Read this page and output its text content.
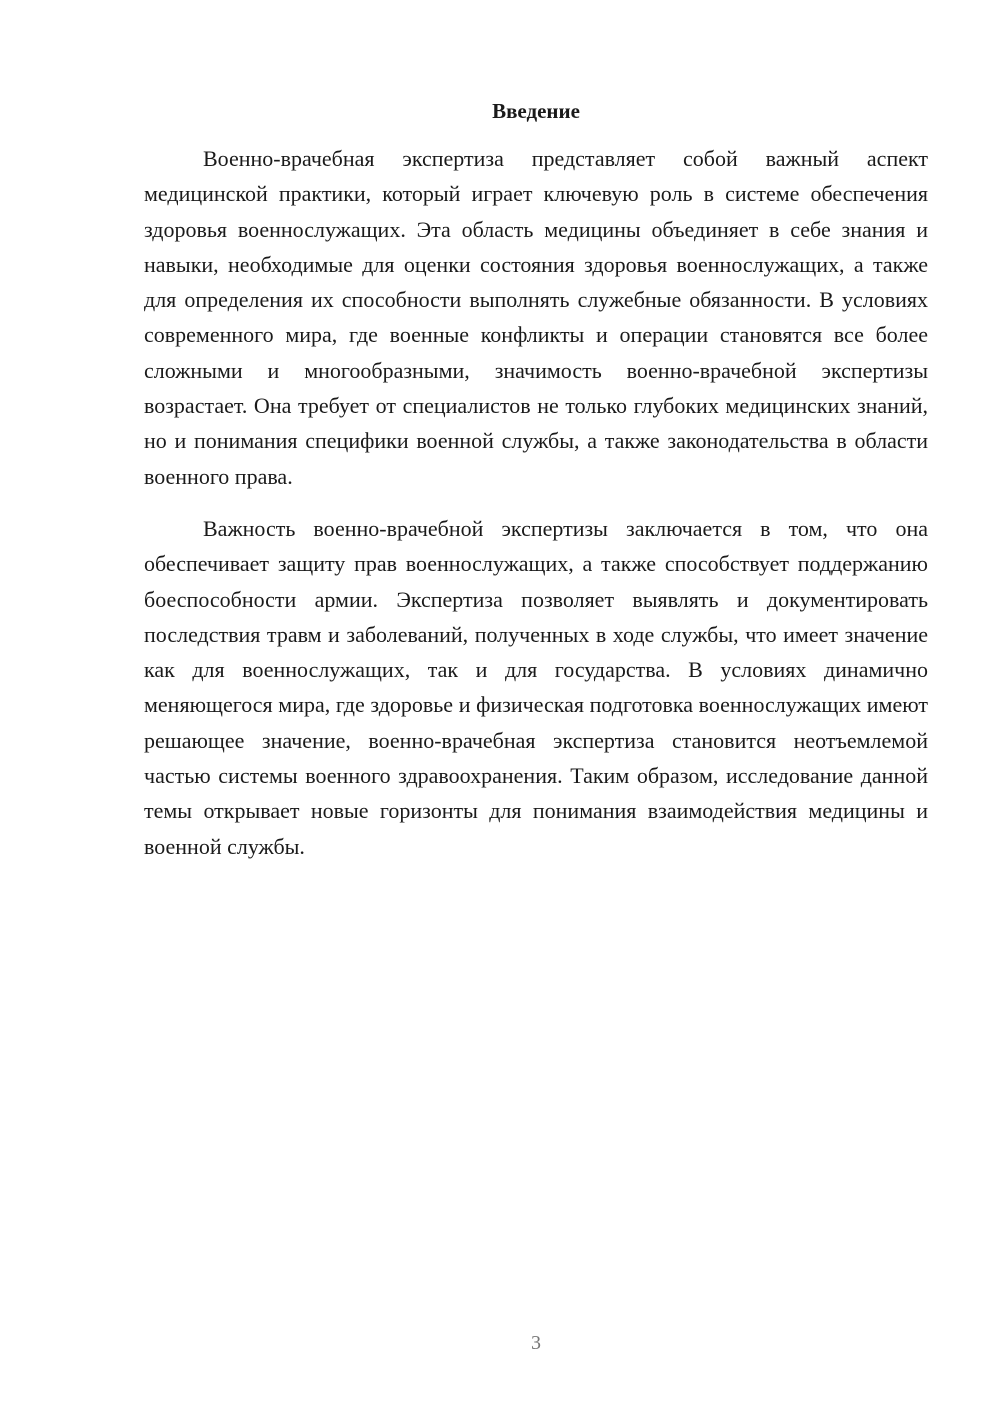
Введение

Военно-врачебная экспертиза представляет собой важный аспект медицинской практики, который играет ключевую роль в системе обеспечения здоровья военнослужащих. Эта область медицины объединяет в себе знания и навыки, необходимые для оценки состояния здоровья военнослужащих, а также для определения их способности выполнять служебные обязанности. В условиях современного мира, где военные конфликты и операции становятся все более сложными и многообразными, значимость военно-врачебной экспертизы возрастает. Она требует от специалистов не только глубоких медицинских знаний, но и понимания специфики военной службы, а также законодательства в области военного права.

Важность военно-врачебной экспертизы заключается в том, что она обеспечивает защиту прав военнослужащих, а также способствует поддержанию боеспособности армии. Экспертиза позволяет выявлять и документировать последствия травм и заболеваний, полученных в ходе службы, что имеет значение как для военнослужащих, так и для государства. В условиях динамично меняющегося мира, где здоровье и физическая подготовка военнослужащих имеют решающее значение, военно-врачебная экспертиза становится неотъемлемой частью системы военного здравоохранения. Таким образом, исследование данной темы открывает новые горизонты для понимания взаимодействия медицины и военной службы.

3
